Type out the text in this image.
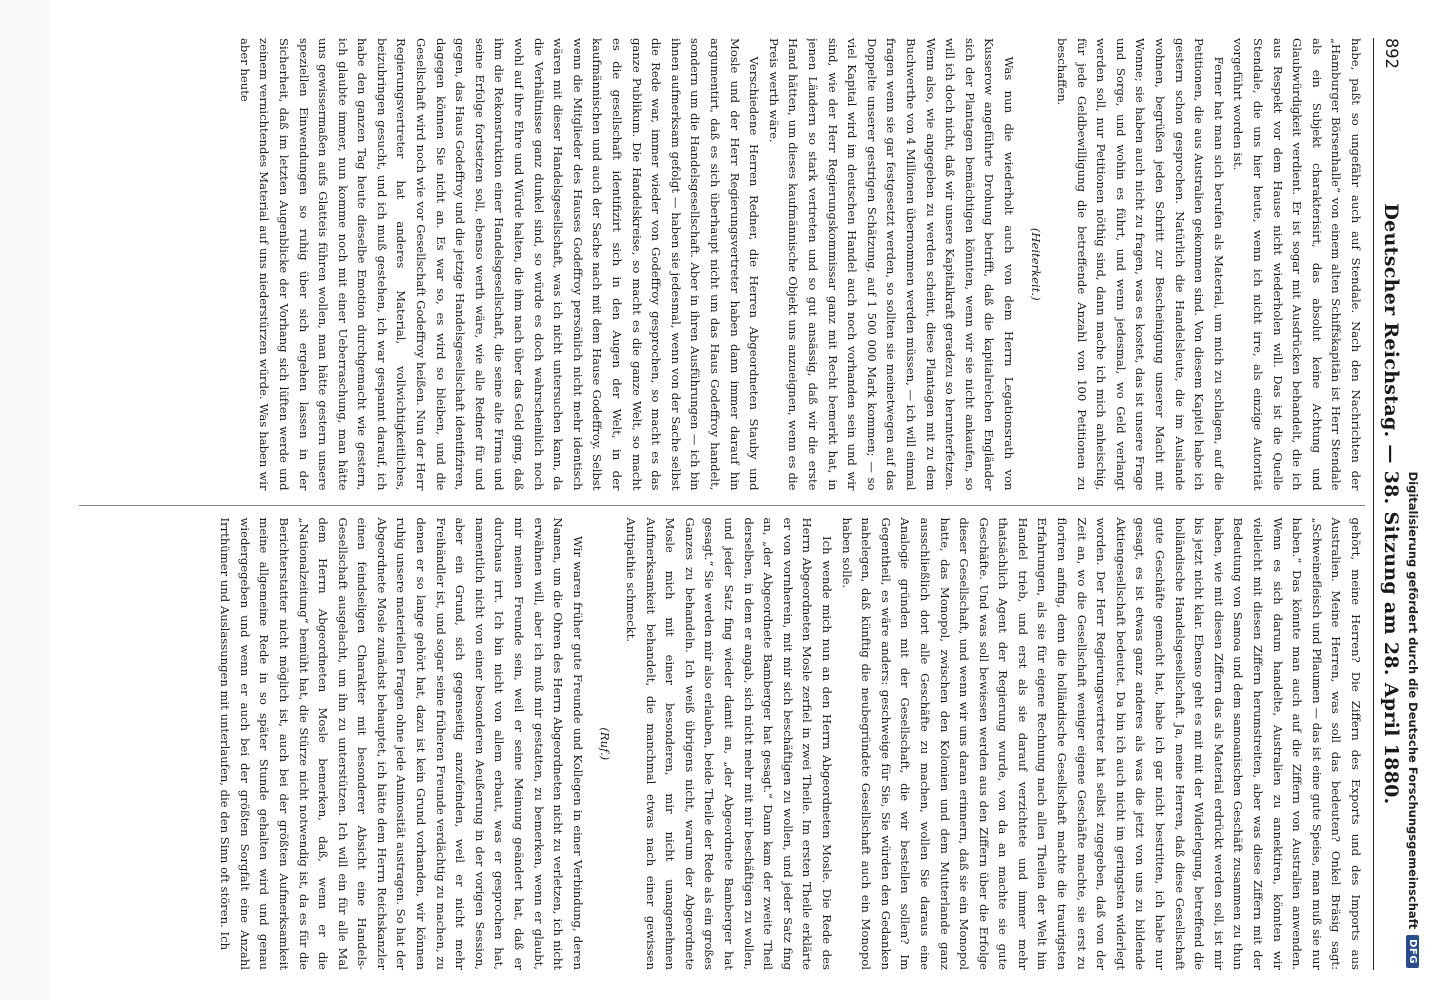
892
Deutscher Reichstag. — 38. Sitzung am 28. April 1880.

habe, paßt so ungefähr auch auf Stendale. Nach den Nachrichten der „Hamburger Börsenhalle“ von einem alten Schiffskapitän ist Herr Stendale als ein Subjekt charakterisirt, das absolut keine Achtung und Glaubwürdigkeit verdient. Er ist sogar mit Ausdrücken behandelt, die ich aus Respekt vor dem Hause nicht wiederholen will. Das ist die Quelle Stendale, die uns hier heute, wenn ich nicht irre, als einzige Autorität vorgeführt worden ist.

Ferner hat man sich berufen als Material, um mich zu schlagen, auf die Petitionen, die aus Australien gekommen sind. Von diesem Kapitel habe ich gestern schon gesprochen. Natürlich die Handelsleute, die im Auslande wohnen, begrüßen jeden Schritt zur Bescheinigung unserer Macht mit Wonne; sie haben auch nicht zu fragen, was es kostet, das ist unsere Frage und Sorge, und wohin es führt, und wenn jedesmal, wo Geld verlangt werden soll, nur Petitionen nöthig sind, dann mache ich mich anheischig, für jede Geldbewilligung die betreffende Anzahl von 100 Petitionen zu beschaffen.

(Heiterkeit.)

Was nun die wiederholt auch von dem Herrn Legationsrath von Kusserow angeführte Drohung betrifft, daß die kapitalreichen Engländer sich der Plantagen bemächtigen könnten, wenn wir sie nicht ankaufen, so will ich doch nicht, daß wir unsere Kapitalkraft geradezu so herunterfetzen. Wenn also, wie angegeben zu werden scheint, diese Plantagen mit zu dem Buchwerthe von 4 Millionen übernommen werden müssen, — ich will einmal fragen wenn sie gar festgesetzt werden, so sollten sie meinetwegen auf das Doppelte unserer gestrigen Schätzung, auf 1 500 000 Mark kommen; — so viel Kapital wird im deutschen Handel auch noch vorhanden sein und wir sind, wie der Herr Regierungskommissar ganz mit Recht bemerkt hat, in jenen Ländern so stark vertreten und so gut ansässig, daß wir die erste Hand hätten, um dieses kaufmännische Objekt uns anzueignen, wenn es die Preis werth wäre.

Verschiedene Herren Redner, die Herren Abgeordneten Stauby und Mosle und der Herr Regierungsvertreter haben dann immer darauf hin argumentirt, daß es sich überhaupt nicht um das Haus Godeffroy handelt, sondern um die Handelsgesellschaft. Aber in ihren Ausführungen — ich bin ihnen aufmerksam gefolgt — haben sie jedesmal, wenn von der Sache selbst die Rede war, immer wieder von Godeffroy gesprochen, so macht es das ganze Publikum. Die Handelskreise, so macht es die ganze Welt, so macht es die gesellschaft identifizirt sich in den Augen der Welt, in der kaufmännischen und auch der Sache nach mit dem Hause Godeffroy. Selbst wenn die Mitglieder des Hauses Godeffroy persönlich nicht mehr identisch wären mit dieser Handelsgesellschaft, was ich nicht untersuchen kann, da die Verhältnisse ganz dunkel sind, so würde es doch wahrscheinlich noch wohl auf ihre Ehre und Würde halten, die ihm nach über das Geld ging, daß ihm die Rekonstruktion einer Handelsgesellschaft, die seine alte Firma und seine Erfolge fortsetzen soll, ebenso werth wäre, wie alle Redner für und gegen, das Haus Godeffroy und die jetzige Handelsgesellschaft identifiziren, dagegen können Sie nicht an. Es war so, es wird so bleiben, und die Gesellschaft wird noch wie vor Gesellschaft Godeffroy heißen. Nun der Herr Regierungsvertreter hat anderes Material, vollwichtigkeitliches, beizubringen gesucht, und ich muß gestehen, ich war gespannt darauf, ich habe den ganzen Tag heute dieselbe Emotion durchgemacht wie gestern, ich glaubte immer, nun komme noch mit einer Ueberraschung, man hätte uns gewissermaßen aufs Glatteis führen wollen, man hätte gestern unsere speziellen Einwendungen so ruhig über sich ergehen lassen in der Sicherheit, daß im letzten Augenblicke der Vorhang sich lüften werde und zeinem vernichtendes Material auf uns niederstürzen würde. Was haben wir aber heute

gehört, meine Herren? Die Ziffern des Exports und des Imports aus Australien. Meine Herren, was soll das bedeuten? Onkel Bräsig sagt: „Schweinefleisch und Pflaumen — das ist eine gute Speise, man muß sie nur haben.“ Das könnte man auch auf die Ziffern von Australien anwenden. Wenn es sich darum handelte, Australien zu annektiren, könnten wir vielleicht mit diesen Ziffern herumstreiten, aber was diese Ziffern mit der Bedeutung von Samoa und dem samoanischen Geschäft zusammen zu thun haben, wie mit diesen Ziffern das als Material erdrückt werden soll, ist mir bis jetzt nicht klar. Ebenso geht es mit mit der Widerlegung, betreffend die holländische Handelsgesellschaft. Ja, meine Herren, daß diese Gesellschaft gute Geschäfte gemacht hat, habe ich gar nicht bestritten, ich habe nur gesagt, es ist etwas ganz anderes als was die jetzt von uns zu bildende Aktiengesellschaft bedeutet. Da bin ich auch nicht im geringsten widerlegt worden. Der Herr Regierungsvertreter hat selbst zugegeben, daß von der Zeit an, wo die Gesellschaft weniger eigene Geschäfte machte, sie erst zu floriren anfing, denn die holländische Gesellschaft machte die traurigsten Erfahrungen, als sie für eigene Rechnung nach allen Theilen der Welt hin Handel trieb, und erst als sie darauf verzichtete und immer mehr thatsächlich Agent der Regierung wurde, von da an machte sie gute Geschäfte. Und was soll bewiesen werden aus den Ziffern über die Erfolge dieser Gesellschaft, und wenn wir uns daran erinnern, daß sie ein Monopol hatte, das Monopol, zwischen den Kolonien und dem Mutterlande ganz ausschließlich dort alle Geschäfte zu machen, wollen Sie daraus eine Analogie gründen mit der Gesellschaft, die wir bestellen sollen? Im Gegentheil, es wäre anders: geschweige für Sie, Sie würden den Gedanken nahelegen, daß künftig die neubegründete Gesellschaft auch ein Monopol haben solle.

Ich wende mich nun an den Herrn Abgeordneten Mosle. Die Rede des Herrn Abgeordneten Mosle zerfiel in zwei Theile. Im ersten Theile erklärte er von vornherein, mit mir sich beschäftigen zu wollen, und jeder Satz fing an, „der Abgeordnete Bamberger hat gesagt.“ Dann kam der zweite Theil derselben, in dem er angab, sich nicht mehr mit mir beschäftigen zu wollen, und jeder Satz fing wieder damit an, „der Abgeordnete Bamberger hat gesagt.“ Sie werden mir also erlauben, beide Theile der Rede als ein großes Ganzes zu behandeln. Ich weiß übrigens nicht, warum der Abgeordnete Mosle mich mit einer besonderen, mir nicht unangenehmen Aufmerksamkeit behandelt, die manchmal etwas nach einer gewissen Antipathie schmeckt.

(Ruf.)

Wir waren früher gute Freunde und Kollegen in einer Verbindung, deren Namen, um die Ohren des Herrn Abgeordneten nicht zu verletzen, ich nicht erwähnen will, aber ich muß mir gestatten, zu bemerken, wenn er glaubt, mir meinen Freunde sein, weil er seine Meinung geändert hat, daß er durchaus irrt. Ich bin nicht von allem erbaut, was er gesprochen hat, namentlich nicht von einer besonderen Aeußerung in der vorigen Session, aber ein Grund, sich gegenseitig anzufeinden, weil er nicht mehr Freihändler ist, und sogar seine früheren Freunde verdächtig zu machen, zu denen er so lange gehört hat, dazu ist kein Grund vorhanden, wir können ruhig unsere materiellen Fragen ohne jede Animosität austragen. So hat der Abgeordnete Mosle zunächst behauptet, ich hätte dem Herrn Reichskanzler einen feindseligen Charakter mit besonderer Absicht eine Handels-Gesellschaft ausgelacht, um ihn zu unterstützen. Ich will ein für alle Mal dem Herrn Abgeordneten Mosle bemerken, daß, wenn er die „Nationalzeitung“ bemüht hat, die Stürze nicht notwendig ist, da es für die Berichterstatter nicht möglich ist, auch bei der größten Aufmerksamkeit meine allgemeine Rede in so später Stunde gehalten wird und genau wiedergegeben und wenn er auch bei der größten Sorgfalt eine Anzahl Irrthümer und Auslassungen mit unterlaufen, die den Sinn oft stören. Ich	Digitalisierung gefördert durch die Deutsche Forschungsgemeinschaft
DFG
